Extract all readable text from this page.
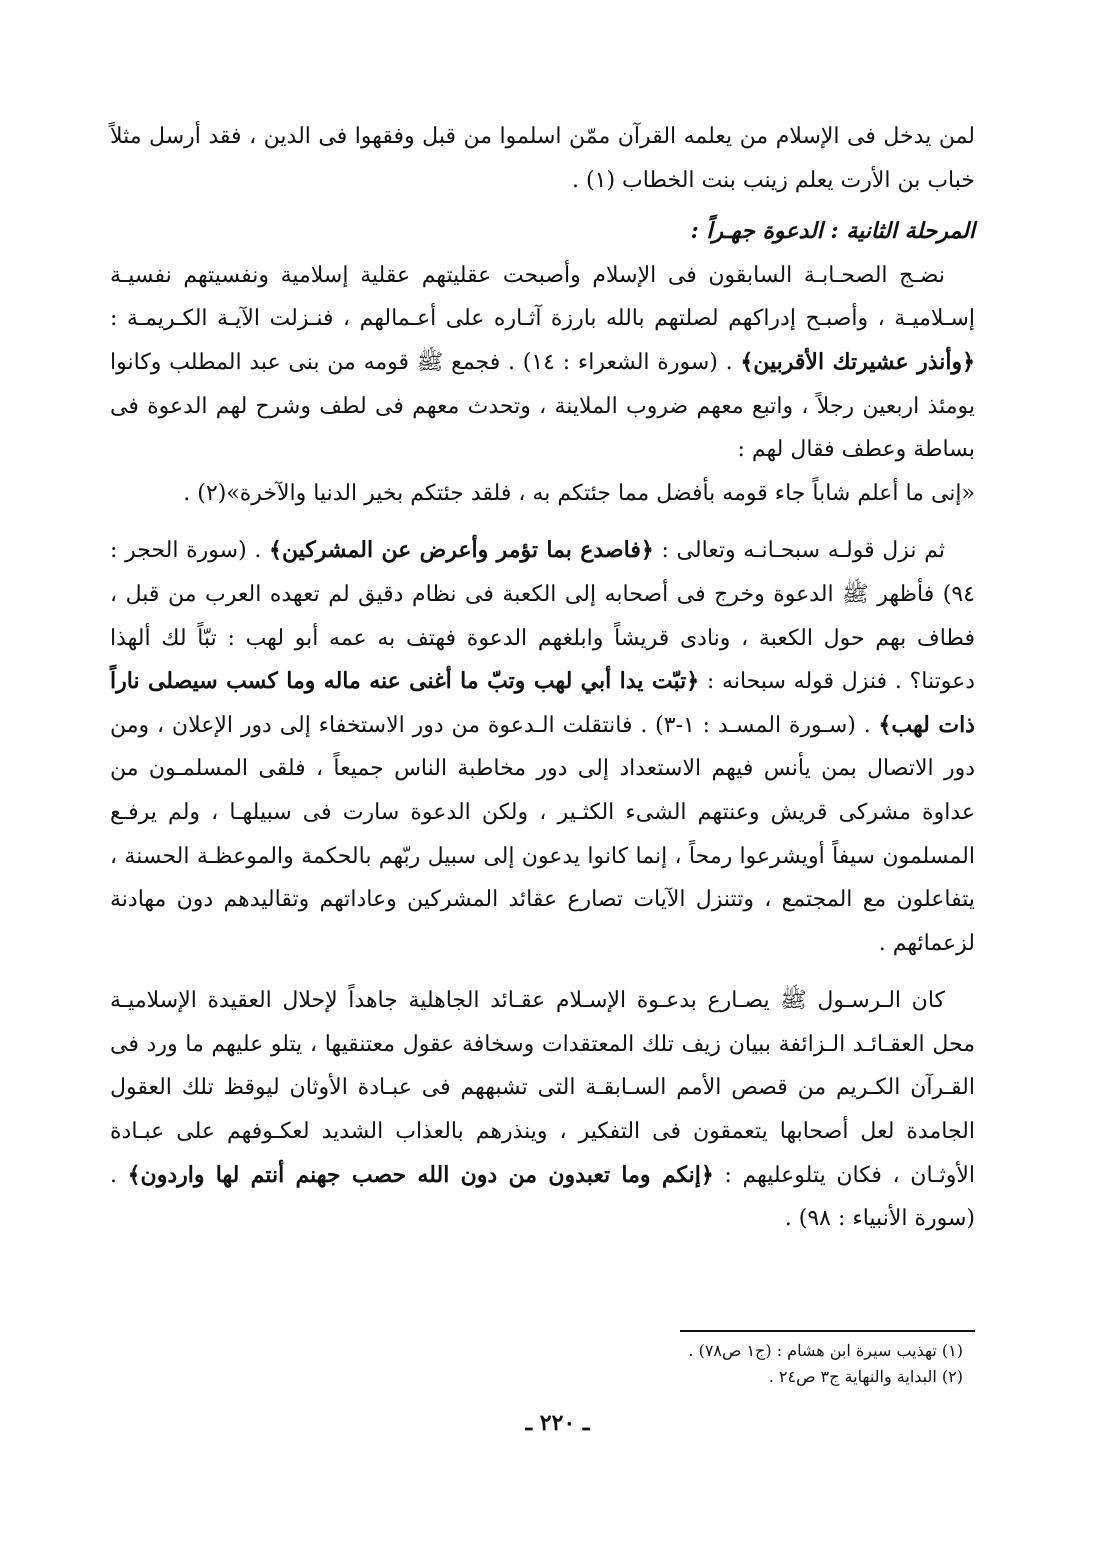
لمن يدخل فى الإسلام من يعلمه القرآن ممّن اسلموا من قبل وفقهوا فى الدين ، فقد أرسل مثلاً خباب بن الأرت يعلم زينب بنت الخطاب (١) .

المرحلة الثانية : الدعوة جهـراً :

نضـج الصحـابـة السابقون فى الإسلام وأصبحت عقليتهم عقلية إسلامية ونفسيتهم نفسيـة إسـلاميـة ، وأصبـح إدراكهم لصلتهم بالله بارزة آثـاره على أعـمالهم ، فنـزلت الآيـة الكـريمـة : ﴿وأنذر عشيرتك الأقربين﴾ . (سورة الشعراء : ١٤) . فجمع ﷺ قومه من بنى عبد المطلب وكانوا يومئذ اربعين رجلاً ، واتبع معهم ضروب الملاينة ، وتحدث معهم فى لطف وشرح لهم الدعوة فى بساطة وعطف فقال لهم :

«إنى ما أعلم شاباً جاء قومه بأفضل مما جئتكم به ، فلقد جئتكم بخير الدنيا والآخرة»(٢) .

ثم نزل قولـه سبحـانـه وتعالى : ﴿فاصدع بما تؤمر وأعرض عن المشركين﴾ . (سورة الحجر : ٩٤) فأظهر ﷺ الدعوة وخرج فى أصحابه إلى الكعبة فى نظام دقيق لم تعهده العرب من قبل ، فطاف بهم حول الكعبة ، ونادى قريشاً وابلغهم الدعوة فهتف به عمه أبو لهب : تبّاً لك ألهذا دعوتنا؟ . فنزل قوله سبحانه : ﴿تبّت يدا أبي لهب وتبّ ما أغنى عنه ماله وما كسب سيصلى ناراً ذات لهب﴾ . (سـورة المسـد : ١-٣) . فانتقلت الـدعوة من دور الاستخفاء إلى دور الإعلان ، ومن دور الاتصال بمن يأنس فيهم الاستعداد إلى دور مخاطبة الناس جميعاً ، فلقى المسلمـون من عداوة مشركى قريش وعنتهم الشىء الكثـير ، ولكن الدعوة سارت فى سبيلهـا ، ولم يرفـع المسلمون سيفاً أويشرعوا رمحاً ، إنما كانوا يدعون إلى سبيل ربّهم بالحكمة والموعظـة الحسنة ، يتفاعلون مع المجتمع ، وتتنزل الآيات تصارع عقائد المشركين وعاداتهم وتقاليدهم دون مهادنة لزعمائهم .

كان الـرسـول ﷺ يصـارع بدعـوة الإسـلام عقـائد الجاهلية جاهداً لإحلال العقيدة الإسلاميـة محل العقـائـد الـزائفة ببيان زيف تلك المعتقدات وسخافة عقول معتنقيها ، يتلو عليهم ما ورد فى القـرآن الكـريم من قصص الأمم السـابقـة التى تشبههم فى عبـادة الأوثان ليوقظ تلك العقول الجامدة لعل أصحابها يتعمقون فى التفكير ، وينذرهم بالعذاب الشديد لعكـوفهم على عبـادة الأوثـان ، فكان يتلوعليهم : ﴿إنكم وما تعبدون من دون الله حصب جهنم أنتم لها واردون﴾ . (سورة الأنبياء : ٩٨) .

(١) تهذيب سيرة ابن هشام : (ج١ ص٧٨) .

(٢) البداية والنهاية ج٣ ص٢٤ .

ـ ٢٢٠ ـ
